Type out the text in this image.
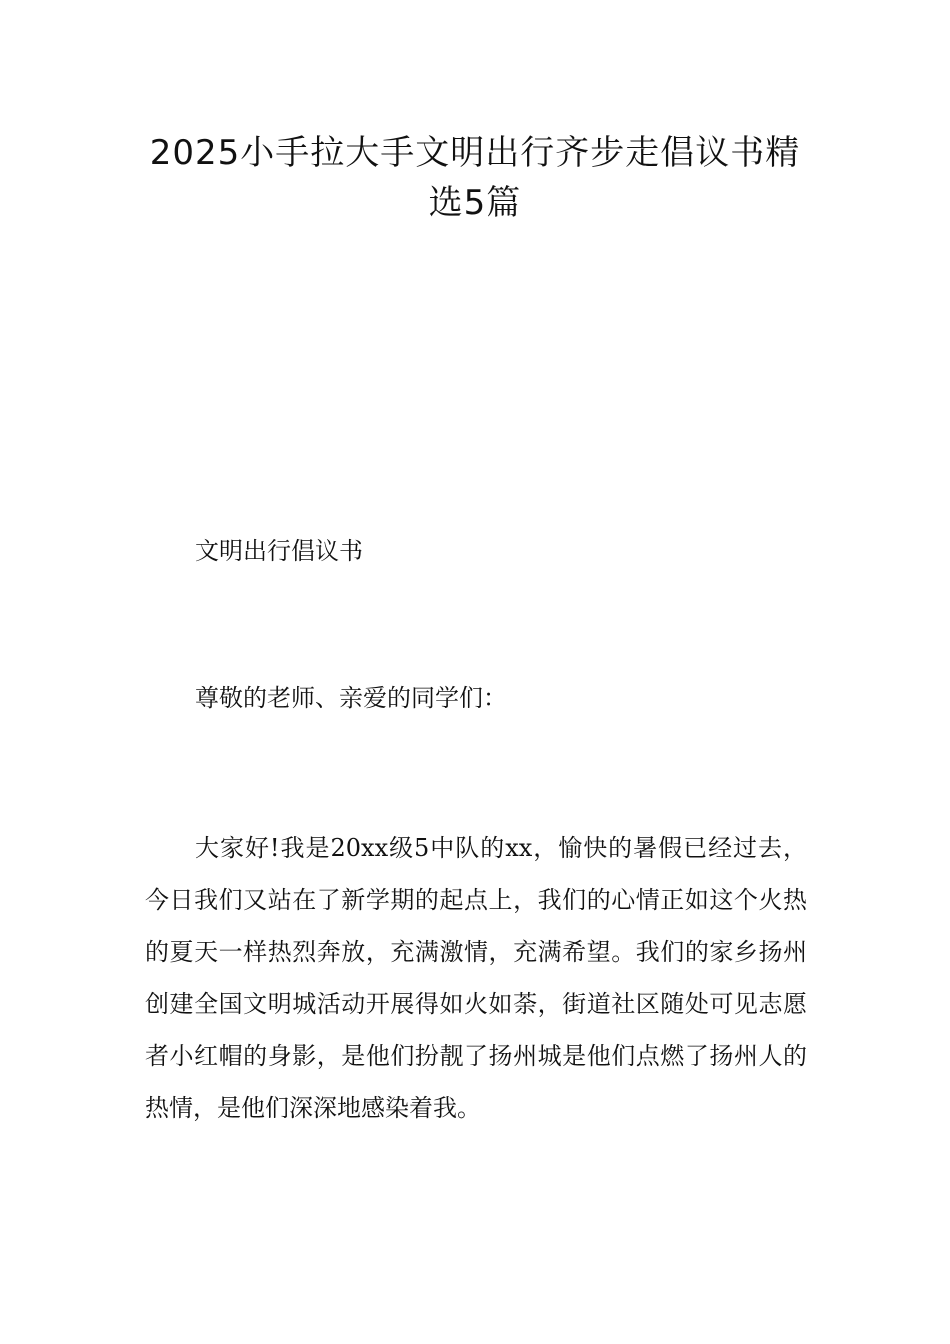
2025小手拉大手文明出行齐步走倡议书精
选5篇

文明出行倡议书

尊敬的老师、亲爱的同学们：

大家好!我是20xx级5中队的xx，愉快的暑假已经过去，今日我们又站在了新学期的起点上，我们的心情正如这个火热的夏天一样热烈奔放，充满激情，充满希望。我们的家乡扬州创建全国文明城活动开展得如火如荼，街道社区随处可见志愿者小红帽的身影，是他们扮靓了扬州城是他们点燃了扬州人的热情，是他们深深地感染着我。
